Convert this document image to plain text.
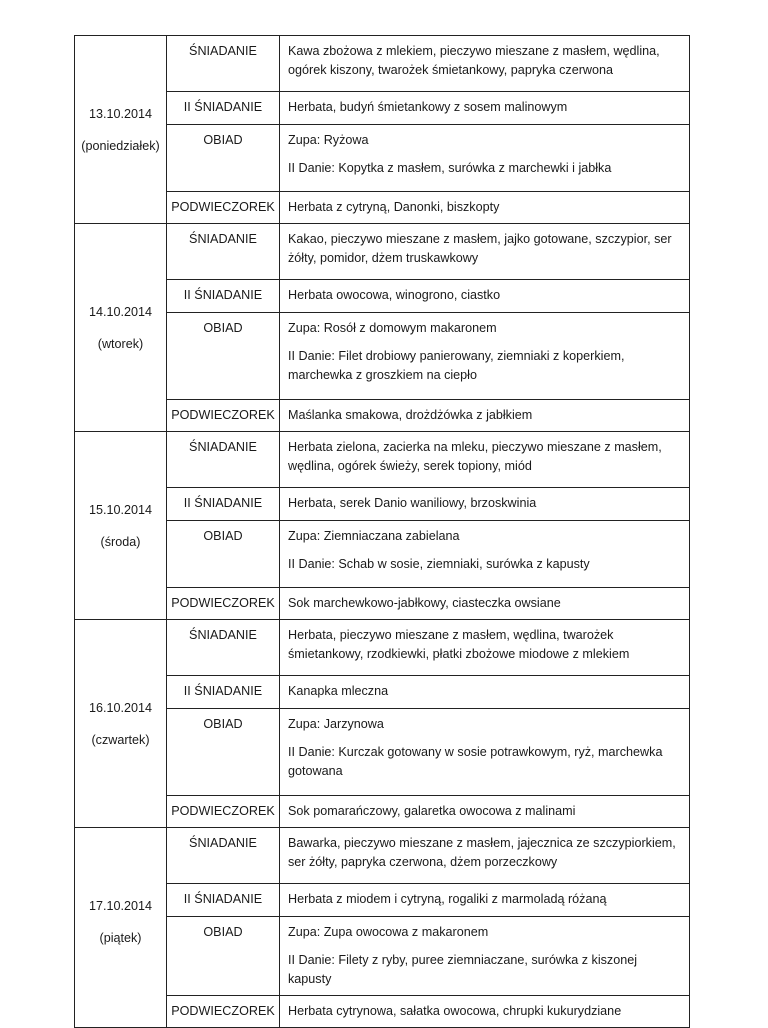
13.10.2014
(poniedziałek)	ŚNIADANIE	Kawa zbożowa z mlekiem, pieczywo mieszane z masłem, wędlina, ogórek kiszony, twarożek śmietankowy, papryka czerwona

	II ŚNIADANIE	Herbata, budyń śmietankowy z sosem malinowym

	OBIAD	Zupa: Ryżowa
II Danie: Kopytka z masłem, surówka z marchewki i jabłka

	PODWIECZOREK	Herbata z cytryną, Danonki, biszkopty

14.10.2014
(wtorek)	ŚNIADANIE	Kakao, pieczywo mieszane z masłem, jajko gotowane, szczypior, ser żółty, pomidor, dżem truskawkowy

	II ŚNIADANIE	Herbata owocowa, winogrono, ciastko

	OBIAD	Zupa: Rosół z domowym makaronem
II Danie: Filet drobiowy panierowany, ziemniaki z koperkiem, marchewka z groszkiem na ciepło

	PODWIECZOREK	Maślanka smakowa, drożdżówka z jabłkiem

15.10.2014
(środa)	ŚNIADANIE	Herbata zielona, zacierka na mleku, pieczywo mieszane z masłem, wędlina, ogórek świeży, serek topiony, miód

	II ŚNIADANIE	Herbata, serek Danio waniliowy, brzoskwinia

	OBIAD	Zupa: Ziemniaczana zabielana
II Danie: Schab w sosie, ziemniaki, surówka z kapusty

	PODWIECZOREK	Sok marchewkowo-jabłkowy, ciasteczka owsiane

16.10.2014
(czwartek)	ŚNIADANIE	Herbata, pieczywo mieszane z masłem, wędlina, twarożek śmietankowy, rzodkiewki, płatki zbożowe miodowe z mlekiem

	II ŚNIADANIE	Kanapka mleczna

	OBIAD	Zupa: Jarzynowa
II Danie: Kurczak gotowany w sosie potrawkowym, ryż, marchewka gotowana

	PODWIECZOREK	Sok pomarańczowy, galaretka owocowa z malinami

17.10.2014
(piątek)	ŚNIADANIE	Bawarka, pieczywo mieszane z masłem, jajecznica ze szczypiorkiem, ser żółty, papryka czerwona, dżem porzeczkowy

	II ŚNIADANIE	Herbata z miodem i cytryną, rogaliki z marmoladą różaną

	OBIAD	Zupa: Zupa owocowa z makaronem
II Danie: Filety z ryby, puree ziemniaczane, surówka z kiszonej kapusty

	PODWIECZOREK	Herbata cytrynowa, sałatka owocowa, chrupki kukurydziane
